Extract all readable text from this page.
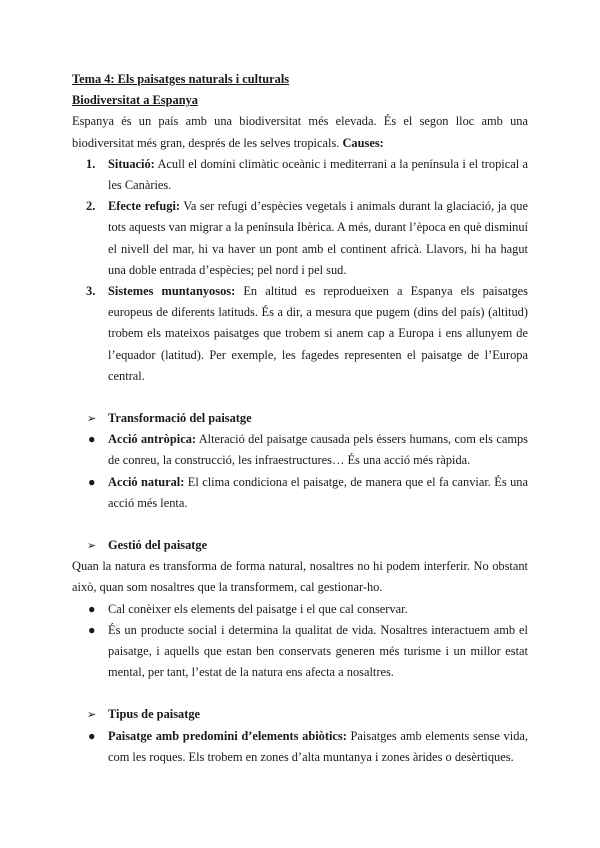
Tema 4: Els paisatges naturals i culturals
Biodiversitat a Espanya

Espanya és un país amb una biodiversitat més elevada. És el segon lloc amb una biodiversitat més gran, després de les selves tropicals. Causes:

1. Situació: Acull el domini climàtic oceànic i mediterrani a la península i el tropical a les Canàries.
2. Efecte refugi: Va ser refugi d’espècies vegetals i animals durant la glaciació, ja que tots aquests van migrar a la península Ibèrica. A més, durant l’època en què disminuí el nivell del mar, hi va haver un pont amb el continent africà. Llavors, hi ha hagut una doble entrada d’espècies; pel nord i pel sud.
3. Sistemes muntanyosos: En altitud es reprodueixen a Espanya els paisatges europeus de diferents latituds. És a dir, a mesura que pugem (dins del país) (altitud) trobem els mateixos paisatges que trobem si anem cap a Europa i ens allunyem de l’equador (latitud). Per exemple, les fagedes representen el paisatge de l’Europa central.
➢ Transformació del paisatge
● Acció antròpica: Alteració del paisatge causada pels éssers humans, com els camps de conreu, la construcció, les infraestructures… És una acció més ràpida.
● Acció natural: El clima condiciona el paisatge, de manera que el fa canviar. És una acció més lenta.
➢ Gestió del paisatge

Quan la natura es transforma de forma natural, nosaltres no hi podem interferir. No obstant això, quan som nosaltres que la transformem, cal gestionar-ho.

● Cal conèixer els elements del paisatge i el que cal conservar.
● És un producte social i determina la qualitat de vida. Nosaltres interactuem amb el paisatge, i aquells que estan ben conservats generen més turisme i un millor estat mental, per tant, l’estat de la natura ens afecta a nosaltres.
➢ Tipus de paisatge
● Paisatge amb predomini d’elements abiòtics: Paisatges amb elements sense vida, com les roques. Els trobem en zones d’alta muntanya i zones àrides o desèrtiques.
